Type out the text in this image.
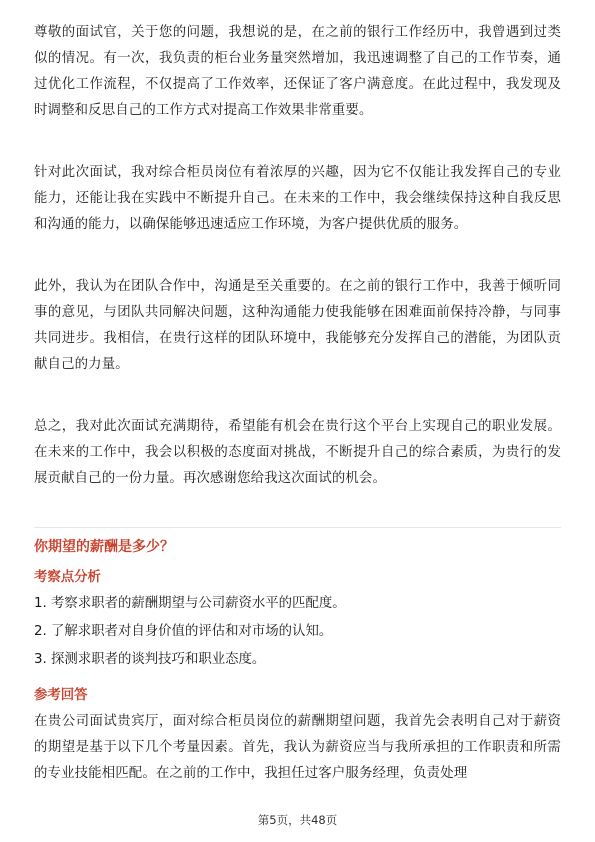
尊敬的面试官，关于您的问题，我想说的是，在之前的银行工作经历中，我曾遇到过类似的情况。有一次，我负责的柜台业务量突然增加，我迅速调整了自己的工作节奏，通过优化工作流程，不仅提高了工作效率，还保证了客户满意度。在此过程中，我发现及时调整和反思自己的工作方式对提高工作效果非常重要。

针对此次面试，我对综合柜员岗位有着浓厚的兴趣，因为它不仅能让我发挥自己的专业能力，还能让我在实践中不断提升自己。在未来的工作中，我会继续保持这种自我反思和沟通的能力，以确保能够迅速适应工作环境，为客户提供优质的服务。

此外，我认为在团队合作中，沟通是至关重要的。在之前的银行工作中，我善于倾听同事的意见，与团队共同解决问题，这种沟通能力使我能够在困难面前保持冷静，与同事共同进步。我相信，在贵行这样的团队环境中，我能够充分发挥自己的潜能，为团队贡献自己的力量。

总之，我对此次面试充满期待，希望能有机会在贵行这个平台上实现自己的职业发展。在未来的工作中，我会以积极的态度面对挑战，不断提升自己的综合素质，为贵行的发展贡献自己的一份力量。再次感谢您给我这次面试的机会。

你期望的薪酬是多少？
考察点分析
1. 考察求职者的薪酬期望与公司薪资水平的匹配度。
2. 了解求职者对自身价值的评估和对市场的认知。
3. 探测求职者的谈判技巧和职业态度。
参考回答

在贵公司面试贵宾厅，面对综合柜员岗位的薪酬期望问题，我首先会表明自己对于薪资的期望是基于以下几个考量因素。首先，我认为薪资应当与我所承担的工作职责和所需的专业技能相匹配。在之前的工作中，我担任过客户服务经理，负责处理

第5页，共48页
